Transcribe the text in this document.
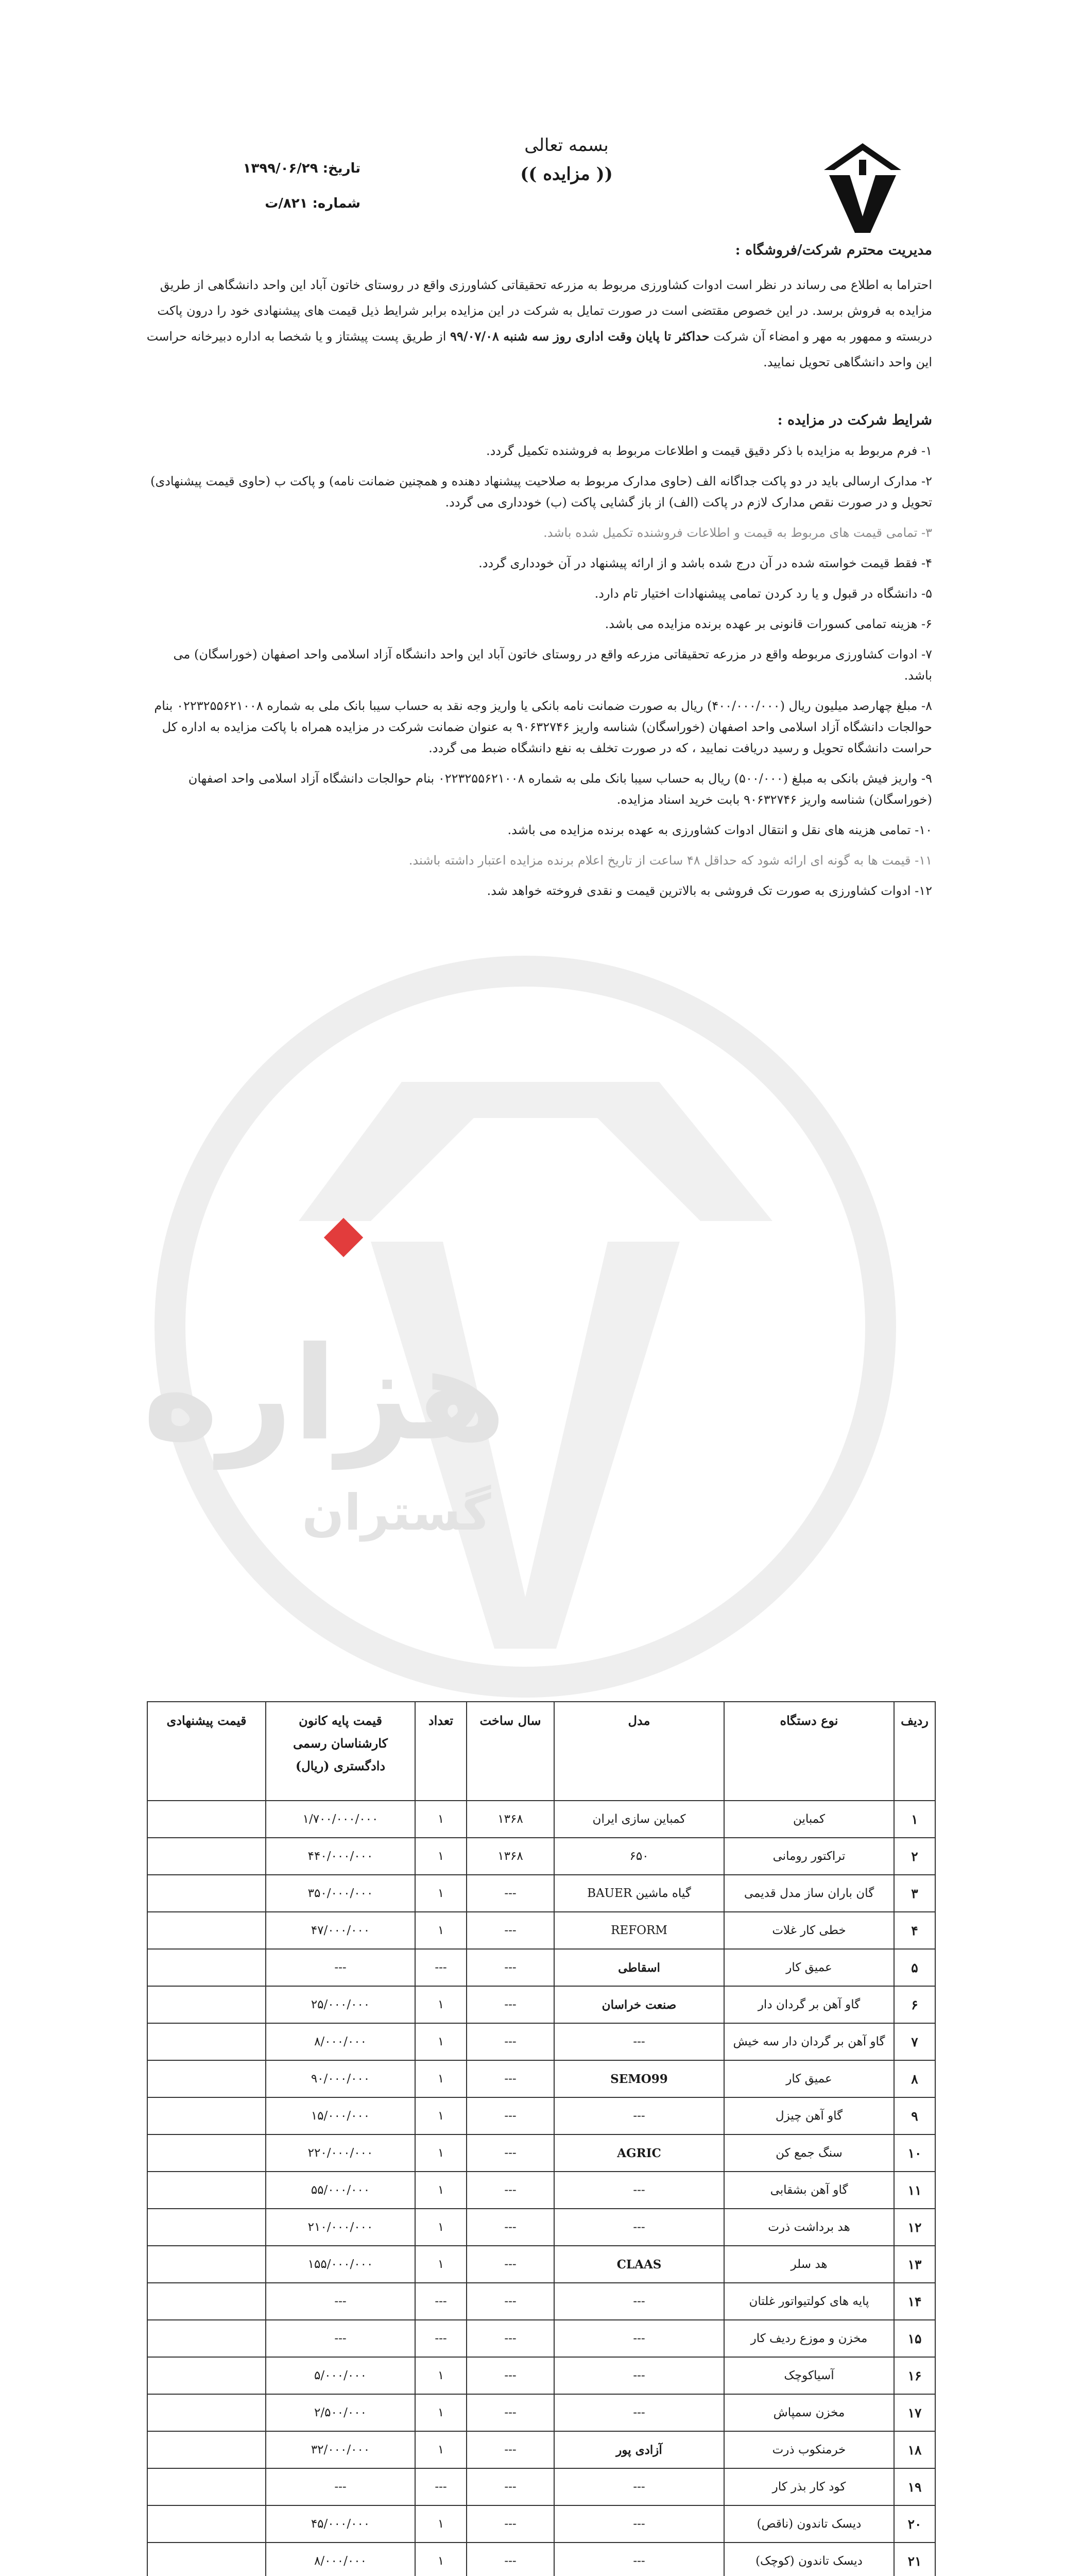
بسمه تعالی
(( مزایده ))
تاریخ: ۱۳۹۹/۰۶/۲۹
شماره: ۸۲۱/ت
هزاره
گستران
مدیریت محترم شرکت/فروشگاه :
احتراما به اطلاع می رساند در نظر است ادوات کشاورزی مربوط به مزرعه تحقیقاتی کشاورزی واقع در روستای خاتون آباد این واحد دانشگاهی از طریق مزایده به فروش برسد. در این خصوص مقتضی است در صورت تمایل به شرکت در این مزایده برابر شرایط ذیل قیمت های پیشنهادی خود را درون پاکت دربسته و ممهور به مهر و امضاء آن شرکت حداکثر تا پایان وقت اداری روز سه شنبه ۹۹/۰۷/۰۸ از طریق پست پیشتاز و یا شخصا به اداره دبیرخانه حراست این واحد دانشگاهی تحویل نمایید.
شرایط شرکت در مزایده :

۱- فرم مربوط به مزایده با ذکر دقیق قیمت و اطلاعات مربوط به فروشنده تکمیل گردد.

۲- مدارک ارسالی باید در دو پاکت جداگانه الف (حاوی مدارک مربوط به صلاحیت پیشنهاد دهنده و همچنین ضمانت نامه) و پاکت ب (حاوی قیمت پیشنهادی) تحویل و در صورت نقص مدارک لازم در پاکت (الف) از باز گشایی پاکت (ب) خودداری می گردد.

۳- تمامی قیمت های مربوط به قیمت و اطلاعات فروشنده تکمیل شده باشد.

۴- فقط قیمت خواسته شده در آن درج شده باشد و از ارائه پیشنهاد در آن خودداری گردد.

۵- دانشگاه در قبول و یا رد کردن تمامی پیشنهادات اختیار تام دارد.

۶- هزینه تمامی کسورات قانونی بر عهده برنده مزایده می باشد.

۷- ادوات کشاورزی مربوطه واقع در مزرعه تحقیقاتی مزرعه واقع در روستای خاتون آباد این واحد دانشگاه آزاد اسلامی واحد اصفهان (خوراسگان) می باشد.

۸- مبلغ چهارصد میلیون ریال (۴۰۰/۰۰۰/۰۰۰) ریال به صورت ضمانت نامه بانکی یا واریز وجه نقد به حساب سیبا بانک ملی به شماره ۰۲۲۳۲۵۵۶۲۱۰۰۸ بنام حوالجات دانشگاه آزاد اسلامی واحد اصفهان (خوراسگان) شناسه واریز ۹۰۶۳۲۷۴۶ به عنوان ضمانت شرکت در مزایده همراه با پاکت مزایده به اداره کل حراست دانشگاه تحویل و رسید دریافت نمایید ، که در صورت تخلف به نفع دانشگاه ضبط می گردد.

۹- واریز فیش بانکی به مبلغ (۵۰۰/۰۰۰) ریال به حساب سیبا بانک ملی به شماره ۰۲۲۳۲۵۵۶۲۱۰۰۸ بنام حوالجات دانشگاه آزاد اسلامی واحد اصفهان (خوراسگان) شناسه واریز ۹۰۶۳۲۷۴۶ بابت خرید اسناد مزایده.

۱۰- تمامی هزینه های نقل و انتقال ادوات کشاورزی به عهده برنده مزایده می باشد.

۱۱- قیمت ها به گونه ای ارائه شود که حداقل ۴۸ ساعت از تاریخ اعلام برنده مزایده اعتبار داشته باشند.

۱۲- ادوات کشاورزی به صورت تک فروشی به بالاترین قیمت و نقدی فروخته خواهد شد.

ردیف	نوع دستگاه	مدل	سال ساخت	تعداد	قیمت پایه کانون کارشناسان رسمی دادگستری (ریال)	قیمت پیشنهادی
۱	کمباین	کمباین سازی ایران	۱۳۶۸	۱	۱/۷۰۰/۰۰۰/۰۰۰	
۲	تراکتور رومانی	۶۵۰	۱۳۶۸	۱	۴۴۰/۰۰۰/۰۰۰	
۳	گان باران ساز مدل قدیمی	گیاه ماشین BAUER	---	۱	۳۵۰/۰۰۰/۰۰۰	
۴	خطی کار غلات	REFORM	---	۱	۴۷/۰۰۰/۰۰۰	
۵	عمیق کار	اسقاطی	---	---	---	
۶	گاو آهن بر گردان دار	صنعت خراسان	---	۱	۲۵/۰۰۰/۰۰۰	
۷	گاو آهن بر گردان دار سه خیش	---	---	۱	۸/۰۰۰/۰۰۰	
۸	عمیق کار	SEMO99	---	۱	۹۰/۰۰۰/۰۰۰	
۹	گاو آهن چیزل	---	---	۱	۱۵/۰۰۰/۰۰۰	
۱۰	سنگ جمع کن	AGRIC	---	۱	۲۲۰/۰۰۰/۰۰۰	
۱۱	گاو آهن بشقابی	---	---	۱	۵۵/۰۰۰/۰۰۰	
۱۲	هد برداشت ذرت	---	---	۱	۲۱۰/۰۰۰/۰۰۰	
۱۳	هد سلر	CLAAS	---	۱	۱۵۵/۰۰۰/۰۰۰	
۱۴	پایه های کولتیواتور غلتان	---	---	---	---	
۱۵	مخزن و موزع ردیف کار	---	---	---	---	
۱۶	آسیاکوچک	---	---	۱	۵/۰۰۰/۰۰۰	
۱۷	مخزن سمپاش	---	---	۱	۲/۵۰۰/۰۰۰	
۱۸	خرمنکوب ذرت	آزادی پور	---	۱	۳۲/۰۰۰/۰۰۰	
۱۹	کود کار بذر کار	---	---	---	---	
۲۰	دیسک تاندون (ناقص)	---	---	۱	۴۵/۰۰۰/۰۰۰	
۲۱	دیسک تاندون (کوچک)	---	---	۱	۸/۰۰۰/۰۰۰	
